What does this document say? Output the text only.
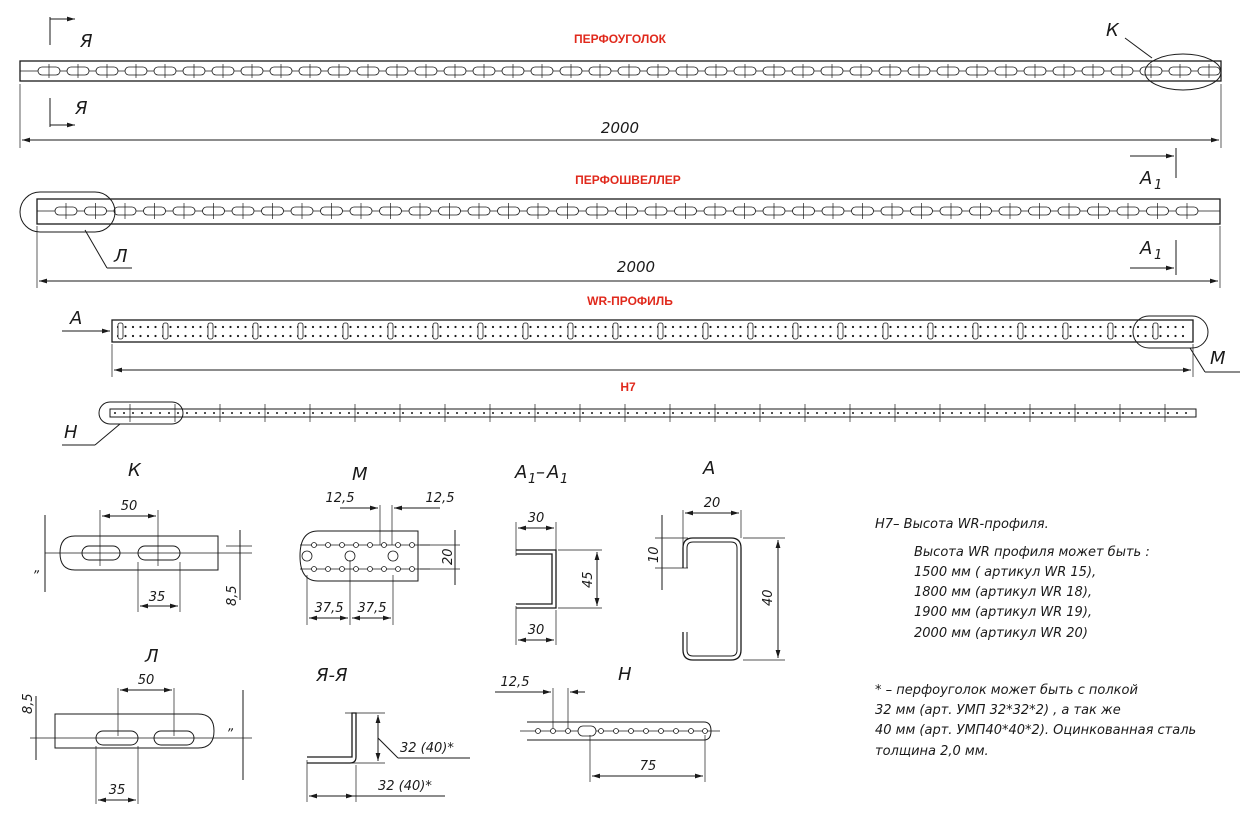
ПЕРФОУГОЛОК
Я
Я
К
2000
ПЕРФОШВЕЛЛЕР	A 1
A 1
Л	2000
WR-ПРОФИЛЬ
A
M
H7
Н
К
50
35
„
8,5
Л
50
35
8,5
„
M
12,5	12,5
20
37,5 37,5
Я-Я
32 (40)*
32 (40)*
A 1 – A 1
30
45
30
A
20
10
40
Н
12,5
75
H7– Высота WR-профиля.
Высота WR профиля может быть :
1500 мм ( артикул WR 15),
1800 мм (артикул WR 18),
1900 мм (артикул WR 19),
2000 мм (артикул WR 20)
* – перфоуголок может быть с полкой
32 мм (арт. УМП 32*32*2) , а так же
40 мм (арт. УМП40*40*2). Оцинкованная сталь
толщина 2,0 мм.
